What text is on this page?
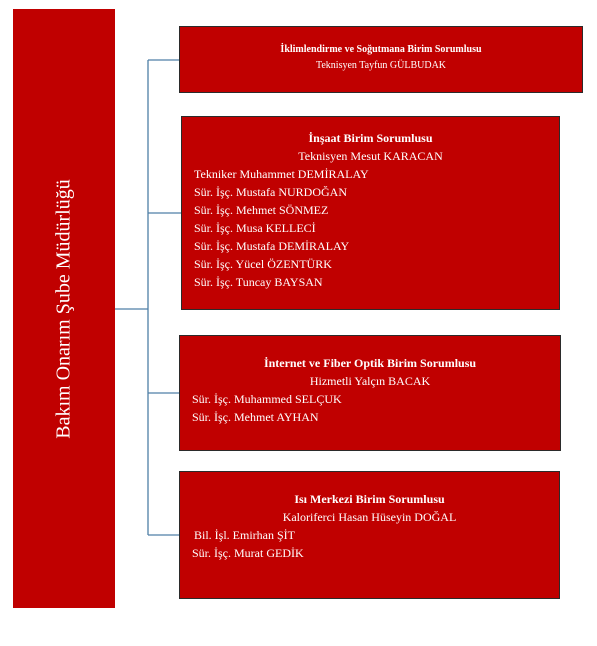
Bakım Onarım Şube Müdürlüğü
İklimlendirme ve Soğutmana Birim Sorumlusu
Teknisyen Tayfun GÜLBUDAK
İnşaat Birim Sorumlusu
Teknisyen Mesut KARACAN
Tekniker Muhammet DEMİRALAY
Sür. İşç. Mustafa NURDOĞAN
Sür. İşç. Mehmet SÖNMEZ
Sür. İşç. Musa KELLECİ
Sür. İşç. Mustafa DEMİRALAY
Sür. İşç. Yücel ÖZENTÜRK
Sür. İşç. Tuncay BAYSAN
İnternet ve Fiber Optik Birim Sorumlusu
Hizmetli Yalçın BACAK
Sür. İşç. Muhammed SELÇUK
Sür. İşç. Mehmet AYHAN
Isı Merkezi Birim Sorumlusu
Kaloriferci Hasan Hüseyin DOĞAL
Bil. İşl. Emirhan ŞİT
Sür. İşç. Murat GEDİK
